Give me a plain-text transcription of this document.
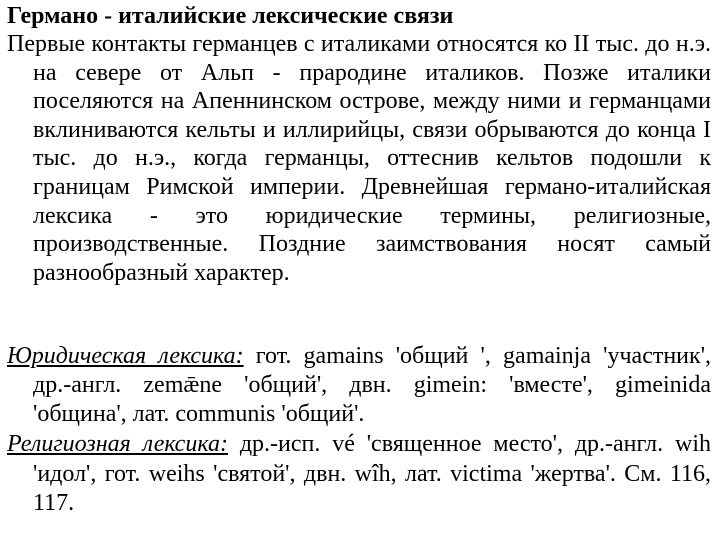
Германо - италийские лексические связи
Первые контакты германцев с италиками относятся ко II тыс. до н.э. на севере от Альп - прародине италиков. Позже италики поселяются на Апеннинском острове, между ними и германцами вклиниваются кельты и иллирийцы, связи обрываются до конца I тыс. до н.э., когда германцы, оттеснив кельтов подошли к границам Римской империи. Древнейшая германо-италийская лексика - это юридические термины, религиозные, производственные. Поздние заимствования носят самый разнообразный характер.
Юридическая лексика: гот. gamains 'общий ', gamainja 'участник', др.-англ. zemǣne 'общий', двн. gimein: 'вместе', gimeinida 'община', лат. communis 'общий'.
Религиозная лексика: др.-исп. vé 'священное место', др.-англ. wih 'идол', гот. weihs 'святой', двн. wîh, лат. victima 'жертва'. См. 116, 117.
